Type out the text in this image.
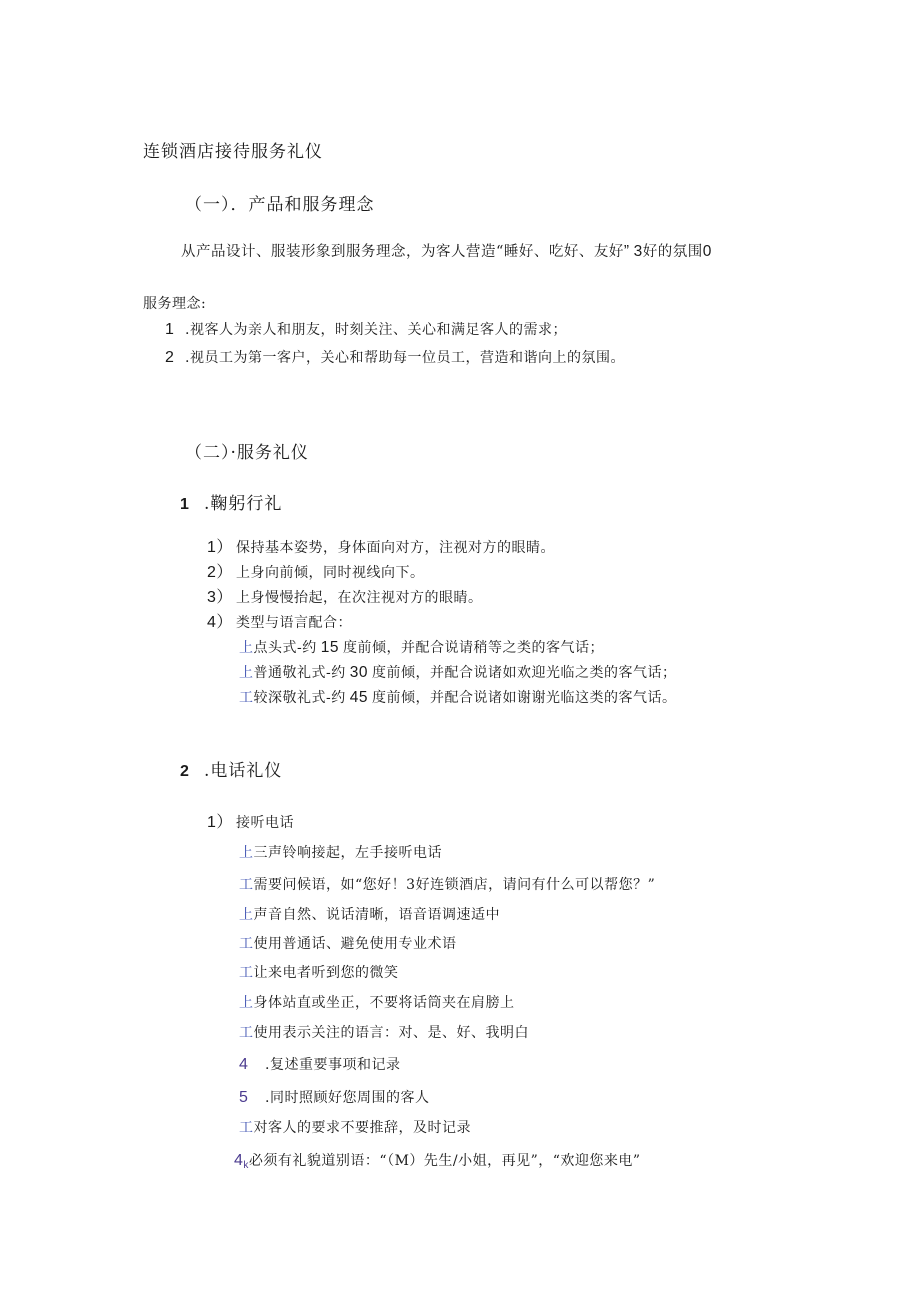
连锁酒店接待服务礼仪
（一）．产品和服务理念
从产品设计、服装形象到服务理念，为客人营造“睡好、吃好、友好” 3好的氛围0
服务理念:
1 .视客人为亲人和朋友，时刻关注、关心和满足客人的需求；
2 .视员工为第一客户，关心和帮助每一位员工，营造和谐向上的氛围。
（二）·服务礼仪
1 .鞠躬行礼
1） 保持基本姿势，身体面向对方，注视对方的眼睛。
2） 上身向前倾，同时视线向下。
3） 上身慢慢抬起，在次注视对方的眼睛。
4） 类型与语言配合：
上点头式-约 15 度前倾，并配合说请稍等之类的客气话；
上普通敬礼式-约 30 度前倾，并配合说诸如欢迎光临之类的客气话；
工较深敬礼式-约 45 度前倾，并配合说诸如谢谢光临这类的客气话。
2 .电话礼仪
1） 接听电话
上三声铃响接起，左手接听电话
工需要问候语，如“您好！3好连锁酒店，请问有什么可以帮您？”
上声音自然、说话清晰，语音语调速适中
工使用普通话、避免使用专业术语
工让来电者听到您的微笑
上身体站直或坐正，不要将话筒夹在肩膀上
工使用表示关注的语言：对、是、好、我明白
4 .复述重要事项和记录
5 .同时照顾好您周围的客人
工对客人的要求不要推辞，及时记录
$4_k$必须有礼貌道别语：“（M）先生/小姐，再见”，“欢迎您来电”
